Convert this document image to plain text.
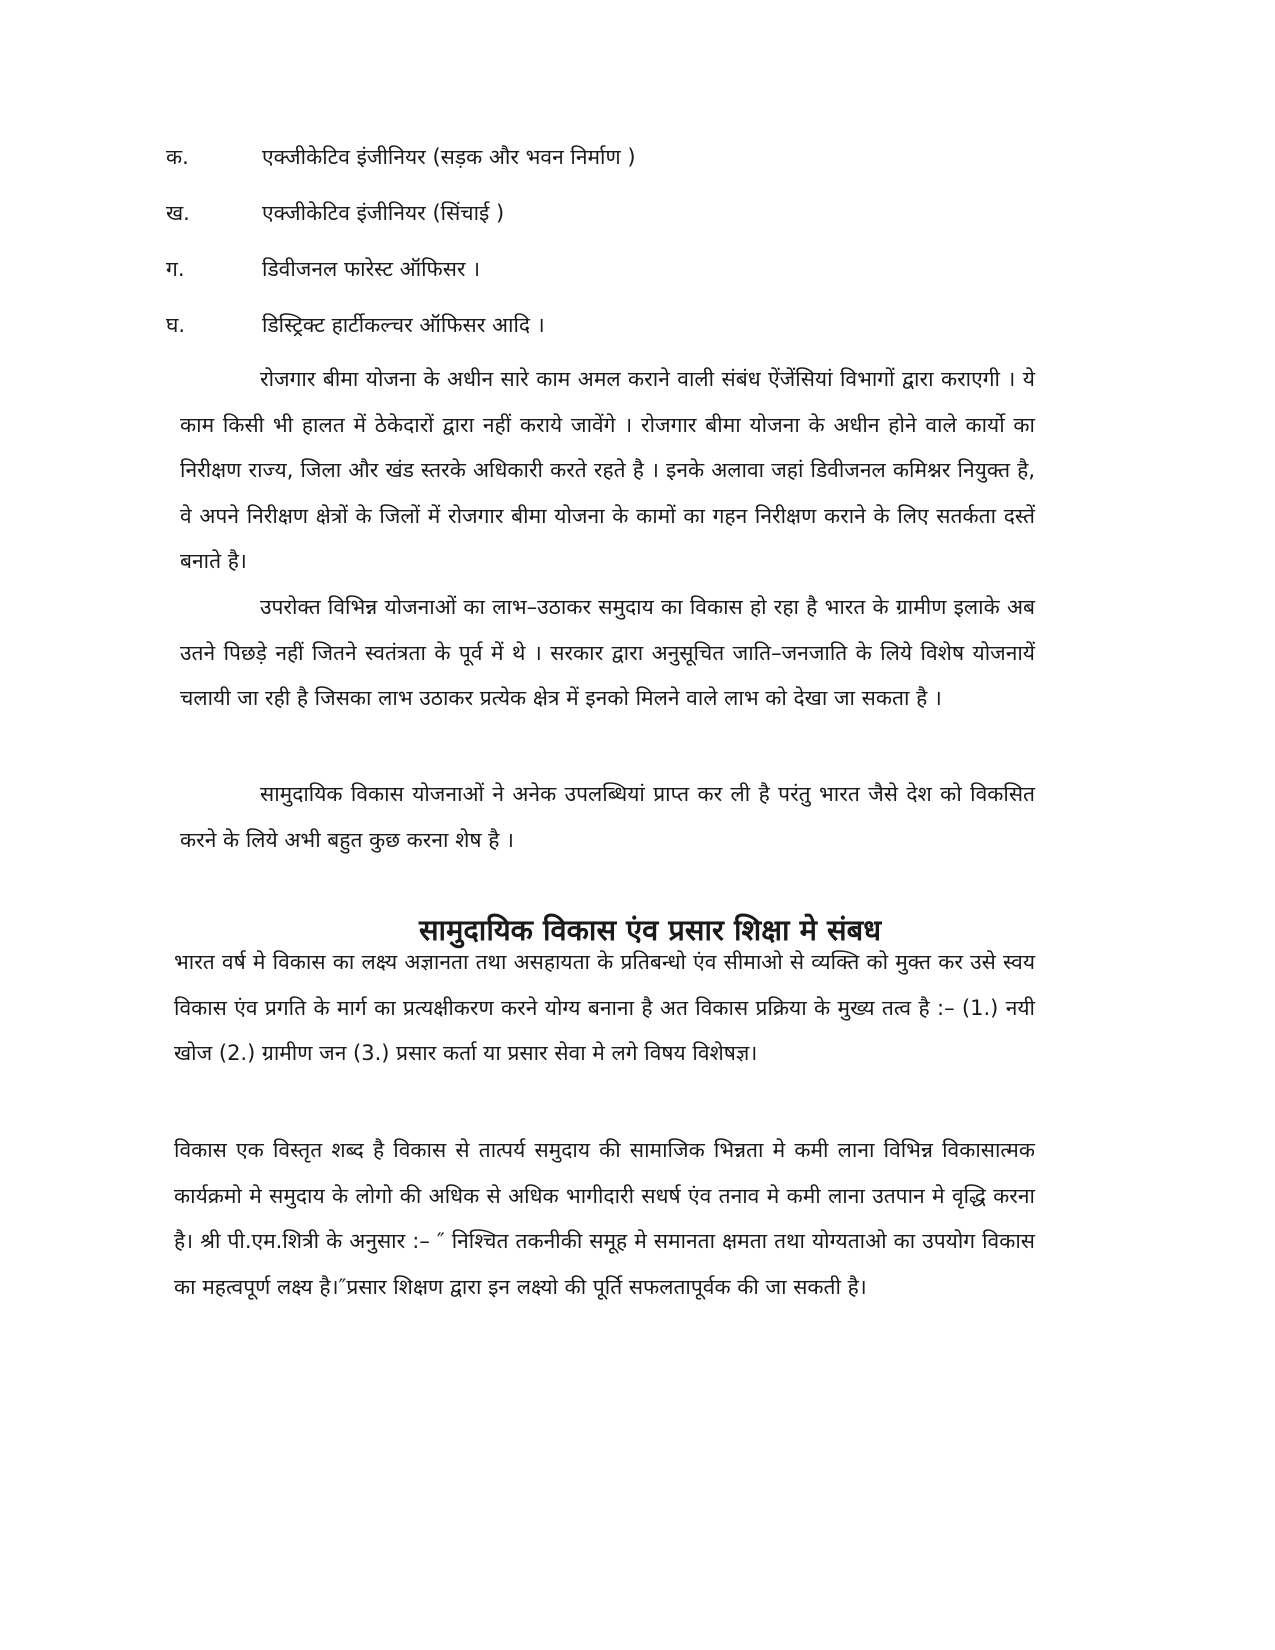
क.	एक्जीकेटिव इंजीनियर (सड़क और भवन निर्माण )
ख.	एक्जीकेटिव इंजीनियर (सिंचाई )
ग.	डिवीजनल फारेस्ट ऑफिसर ।
घ.	डिस्ट्रिक्ट हार्टीकल्चर ऑफिसर आदि ।

रोजगार बीमा योजना के अधीन सारे काम अमल कराने वाली संबंध ऐंजेंसियां विभागों द्वारा कराएगी । ये काम किसी भी हालत में ठेकेदारों द्वारा नहीं कराये जावेंगे । रोजगार बीमा योजना के अधीन होने वाले कार्यो का निरीक्षण राज्य, जिला और खंड स्तरके अधिकारी करते रहते है । इनके अलावा जहां डिवीजनल कमिश्नर नियुक्त है, वे अपने निरीक्षण क्षेत्रों के जिलों में रोजगार बीमा योजना के कामों का गहन निरीक्षण कराने के लिए सतर्कता दस्तें बनाते है।

उपरोक्त विभिन्न योजनाओं का लाभ–उठाकर समुदाय का विकास हो रहा है भारत के ग्रामीण इलाके अब उतने पिछड़े नहीं जितने स्वतंत्रता के पूर्व में थे । सरकार द्वारा अनुसूचित जाति–जनजाति के लिये विशेष योजनायें चलायी जा रही है जिसका लाभ उठाकर प्रत्येक क्षेत्र में इनको मिलने वाले लाभ को देखा जा सकता है ।

सामुदायिक विकास योजनाओं ने अनेक उपलब्धियां प्राप्त कर ली है परंतु भारत जैसे देश को विकसित करने के लिये अभी बहुत कुछ करना शेष है ।

सामुदायिक विकास एंव प्रसार शिक्षा मे संबध

भारत वर्ष मे विकास का लक्ष्य अज्ञानता तथा असहायता के प्रतिबन्धो एंव सीमाओ से व्यक्ति को मुक्त कर उसे स्वय विकास एंव प्रगति के मार्ग का प्रत्यक्षीकरण करने योग्य बनाना है अत विकास प्रक्रिया के मुख्य तत्व है :– (1.) नयी खोज (2.) ग्रामीण जन (3.) प्रसार कर्ता या प्रसार सेवा मे लगे विषय विशेषज्ञ।

विकास एक विस्तृत शब्द है विकास से तात्पर्य समुदाय की सामाजिक भिन्नता मे कमी लाना विभिन्न विकासात्मक कार्यक्रमो मे समुदाय के लोगो की अधिक से अधिक भागीदारी सधर्ष एंव तनाव मे कमी लाना उतपान मे वृद्धि करना है। श्री पी.एम.शित्री के अनुसार :– ″ निश्चित तकनीकी समूह मे समानता क्षमता तथा योग्यताओ का उपयोग विकास का महत्वपूर्ण लक्ष्य है।″प्रसार शिक्षण द्वारा इन लक्ष्यो की पूर्ति सफलतापूर्वक की जा सकती है।
